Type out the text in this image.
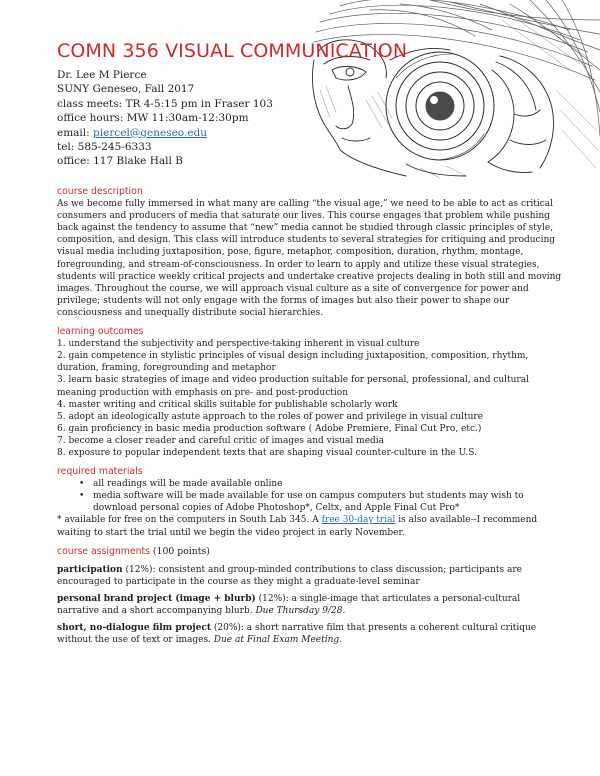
COMN 356 VISUAL COMMUNICATION
Dr. Lee M Pierce
SUNY Geneseo, Fall 2017
class meets: TR 4-5:15 pm in Fraser 103
office hours: MW 11:30am-12:30pm
email: piercel@geneseo.edu
tel: 585-245-6333
office: 117 Blake Hall B
course description

As we become fully immersed in what many are calling “the visual age,” we need to be able to act as critical consumers and producers of media that saturate our lives. This course engages that problem while pushing back against the tendency to assume that “new” media cannot be studied through classic principles of style, composition, and design. This class will introduce students to several strategies for critiquing and producing visual media including juxtaposition, pose, figure, metaphor, composition, duration, rhythm, montage, foregrounding, and stream-of-consciousness. In order to learn to apply and utilize these visual strategies, students will practice weekly critical projects and undertake creative projects dealing in both still and moving images. Throughout the course, we will approach visual culture as a site of convergence for power and privilege; students will not only engage with the forms of images but also their power to shape our consciousness and unequally distribute social hierarchies.

learning outcomes
1. understand the subjectivity and perspective-taking inherent in visual culture
2. gain competence in stylistic principles of visual design including juxtaposition, composition, rhythm, duration, framing, foregrounding and metaphor
3. learn basic strategies of image and video production suitable for personal, professional, and cultural meaning production with emphasis on pre- and post-production
4. master writing and critical skills suitable for publishable scholarly work
5. adopt an ideologically astute approach to the roles of power and privilege in visual culture
6. gain proficiency in basic media production software ( Adobe Premiere, Final Cut Pro, etc.)
7. become a closer reader and careful critic of images and visual media
8. exposure to popular independent texts that are shaping visual counter-culture in the U.S.
required materials
• all readings will be made available online
• media software will be made available for use on campus computers but students may wish to download personal copies of Adobe Photoshop*, Celtx, and Apple Final Cut Pro*

* available for free on the computers in South Lab 345. A free 30-day trial is also available--I recommend waiting to start the trial until we begin the video project in early November.

course assignments (100 points)

participation (12%): consistent and group-minded contributions to class discussion; participants are encouraged to participate in the course as they might a graduate-level seminar

personal brand project (image + blurb) (12%): a single-image that articulates a personal-cultural narrative and a short accompanying blurb. Due Thursday 9/28.

short, no-dialogue film project (20%): a short narrative film that presents a coherent cultural critique without the use of text or images. Due at Final Exam Meeting.
